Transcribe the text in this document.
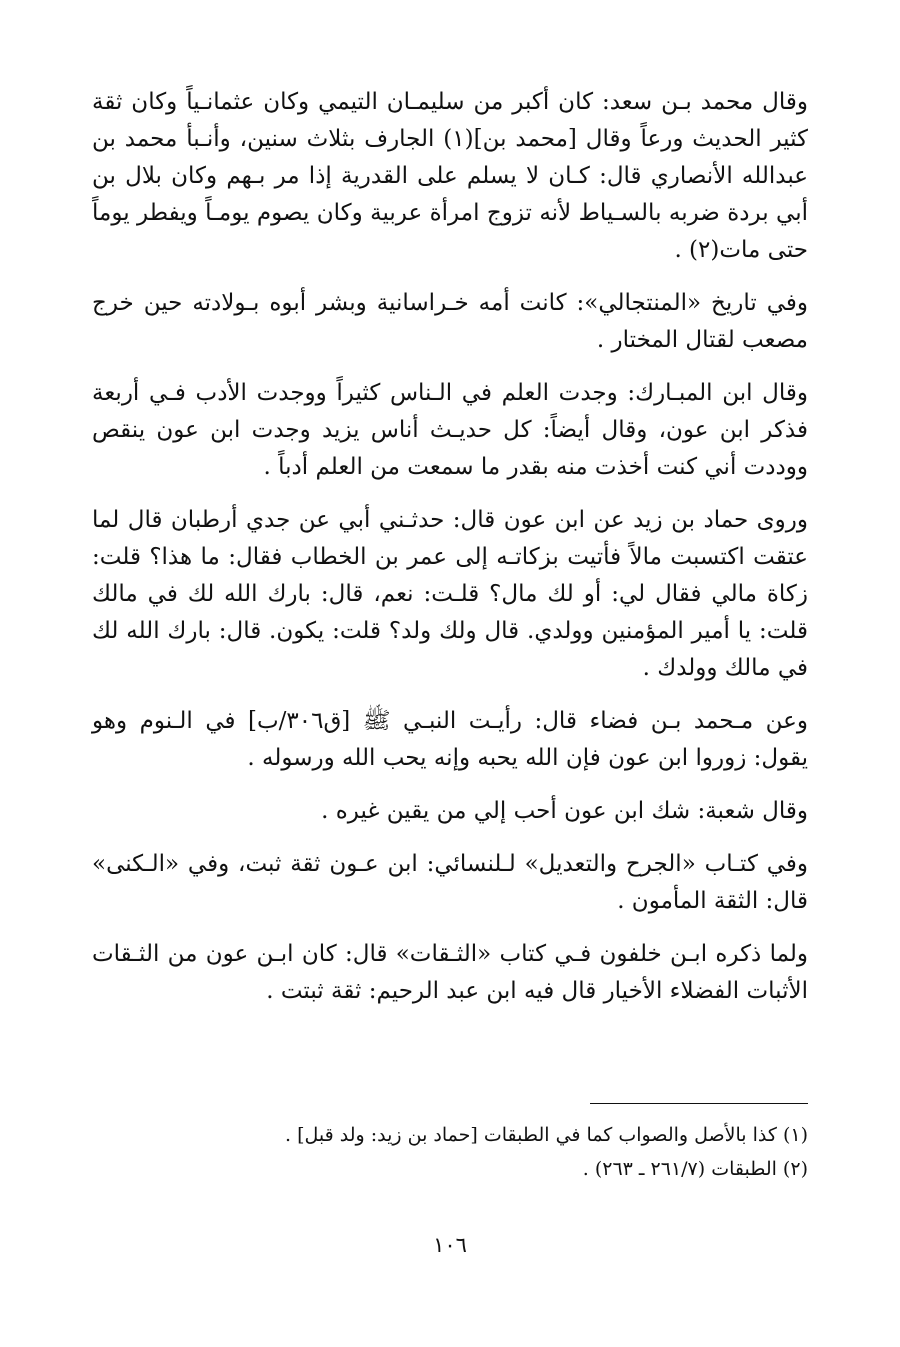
وقال محمد بـن سعد: كان أكبر من سليمـان التيمي وكان عثمانـياً وكان ثقة كثير الحديث ورعاً وقال [محمد بن](١) الجارف بثلاث سنين، وأنـبأ محمد بن عبدالله الأنصاري قال: كـان لا يسلم على القدرية إذا مر بـهم وكان بلال بن أبي بردة ضربه بالسـياط لأنه تزوج امرأة عربية وكان يصوم يومـاً ويفطر يوماً حتى مات(٢) .

وفي تاريخ «المنتجالي»: كانت أمه خـراسانية وبشر أبوه بـولادته حين خرج مصعب لقتال المختار .

وقال ابن المبـارك: وجدت العلم في الـناس كثيراً ووجدت الأدب فـي أربعة فذكر ابن عون، وقال أيضاً: كل حديـث أناس يزيد وجدت ابن عون ينقص ووددت أني كنت أخذت منه بقدر ما سمعت من العلم أدباً .

وروى حماد بن زيد عن ابن عون قال: حدثـني أبي عن جدي أرطبان قال لما عتقت اكتسبت مالاً فأتيت بزكاتـه إلى عمر بن الخطاب فقال: ما هذا؟ قلت: زكاة مالي فقال لي: أو لك مال؟ قلـت: نعم، قال: بارك الله لك في مالك قلت: يا أمير المؤمنين وولدي. قال ولك ولد؟ قلت: يكون. قال: بارك الله لك في مالك وولدك .

وعن مـحمد بـن فضاء قال: رأيـت النبـي ﷺ [ق٣٠٦/ب] في الـنوم وهو يقول: زوروا ابن عون فإن الله يحبه وإنه يحب الله ورسوله .

وقال شعبة: شك ابن عون أحب إلي من يقين غيره .

وفي كتـاب «الجرح والتعديل» لـلنسائي: ابن عـون ثقة ثبت، وفي «الـكنى» قال: الثقة المأمون .

ولما ذكره ابـن خلفون فـي كتاب «الثـقات» قال: كان ابـن عون من الثـقات الأثبات الفضلاء الأخيار قال فيه ابن عبد الرحيم: ثقة ثبتت .

(١) كذا بالأصل والصواب كما في الطبقات [حماد بن زيد: ولد قبل] .

(٢) الطبقات (٢٦١/٧ ـ ٢٦٣) .

١٠٦
